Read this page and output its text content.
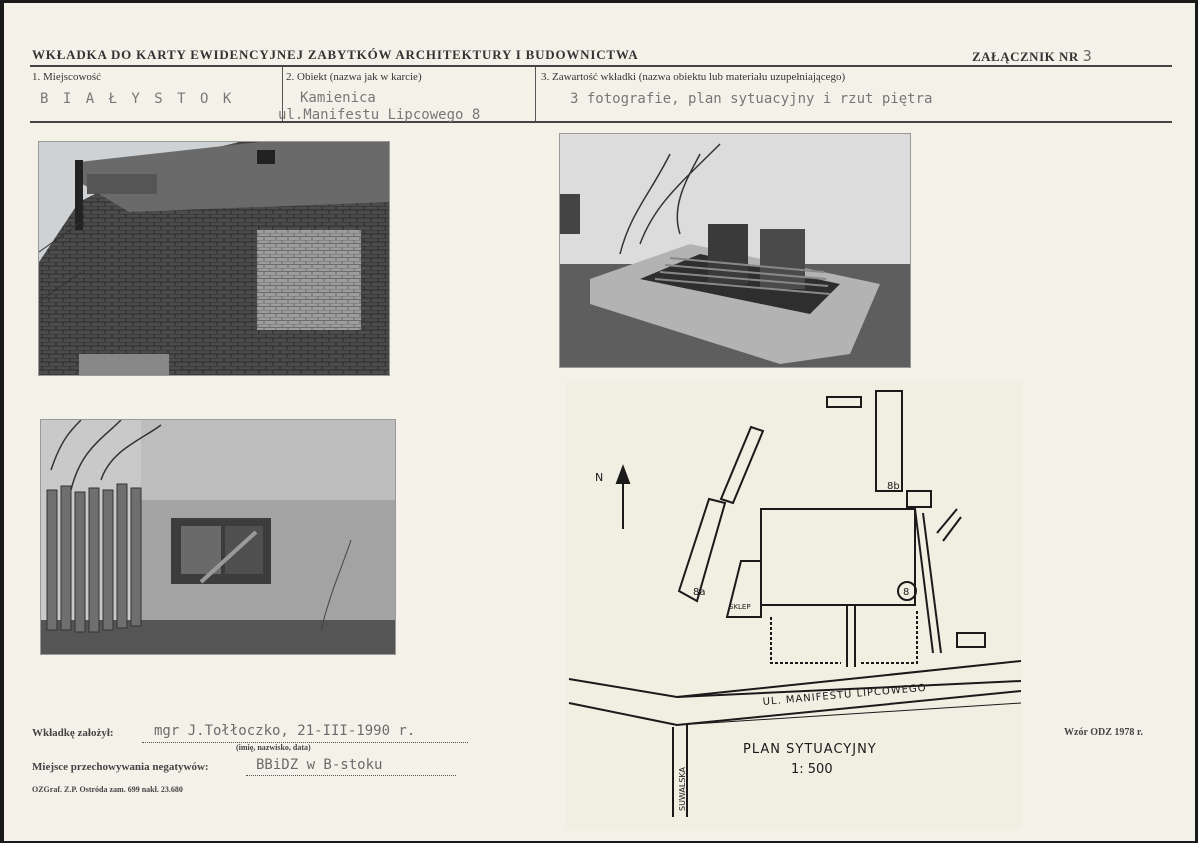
WKŁADKA DO KARTY EWIDENCYJNEJ ZABYTKÓW ARCHITEKTURY I BUDOWNICTWA	ZAŁĄCZNIK NR 3
1. Miejscowość
B I A Ł Y S T O K
2. Obiekt (nazwa jak w karcie)
Kamienica
ul.Manifestu Lipcowego 8
3. Zawartość wkładki (nazwa obiektu lub materiału uzupełniającego)
3 fotografie, plan sytuacyjny i rzut piętra
N
8b
8a	8
SKLEP
UL. MANIFESTU LIPCOWEGO
SUWALSKA
PLAN SYTUACYJNY
1: 500
Wkładkę założył:	mgr J.Tołłoczko, 21-III-1990 r.
(imię, nazwisko, data)
Miejsce przechowywania negatywów:	BBiDZ w B-stoku
OZGraf. Z.P. Ostróda zam. 699 nakł. 23.680
Wzór ODZ 1978 r.
